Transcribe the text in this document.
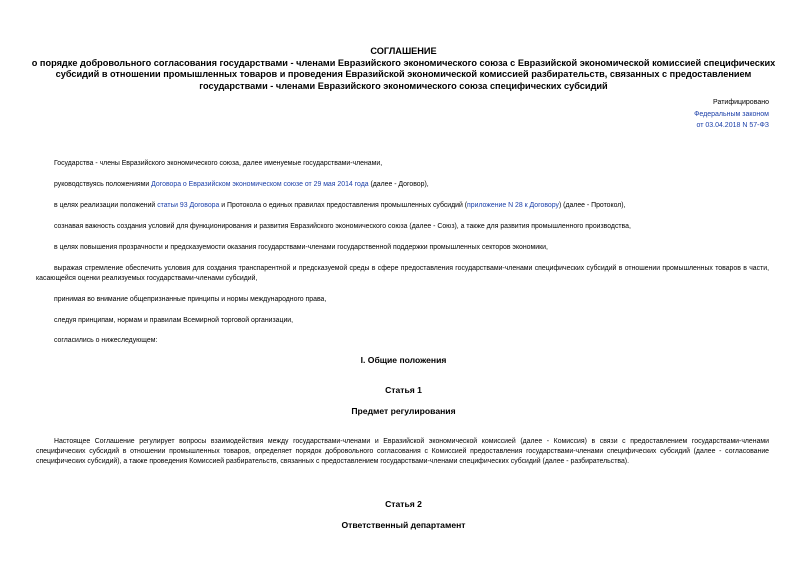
СОГЛАШЕНИЕ
о порядке добровольного согласования государствами - членами Евразийского экономического союза с Евразийской экономической комиссией специфических
субсидий в отношении промышленных товаров и проведения Евразийской экономической комиссией разбирательств, связанных с предоставлением
государствами - членами Евразийского экономического союза специфических субсидий
Ратифицировано
Федеральным законом
от 03.04.2018 N 57-ФЗ
Государства - члены Евразийского экономического союза, далее именуемые государствами-членами,
руководствуясь положениями Договора о Евразийском экономическом союзе от 29 мая 2014 года (далее - Договор),
в целях реализации положений статьи 93 Договора и Протокола о единых правилах предоставления промышленных субсидий (приложение N 28 к Договору) (далее - Протокол),
сознавая важность создания условий для функционирования и развития Евразийского экономического союза (далее - Союз), а также для развития промышленного производства,
в целях повышения прозрачности и предсказуемости оказания государствами-членами государственной поддержки промышленных секторов экономики,
выражая стремление обеспечить условия для создания транспарентной и предсказуемой среды в сфере предоставления государствами-членами специфических субсидий в отношении промышленных товаров в части, касающейся оценки реализуемых государствами-членами субсидий,
принимая во внимание общепризнанные принципы и нормы международного права,
следуя принципам, нормам и правилам Всемирной торговой организации,
согласились о нижеследующем:
I. Общие положения
Статья 1
Предмет регулирования
Настоящее Соглашение регулирует вопросы взаимодействия между государствами-членами и Евразийской экономической комиссией (далее - Комиссия) в связи с предоставлением государствами-членами специфических субсидий в отношении промышленных товаров, определяет порядок добровольного согласования с Комиссией предоставления государствами-членами специфических субсидий (далее - согласование специфических субсидий), а также проведения Комиссией разбирательств, связанных с предоставлением государствами-членами специфических субсидий (далее - разбирательства).
Статья 2
Ответственный департамент
